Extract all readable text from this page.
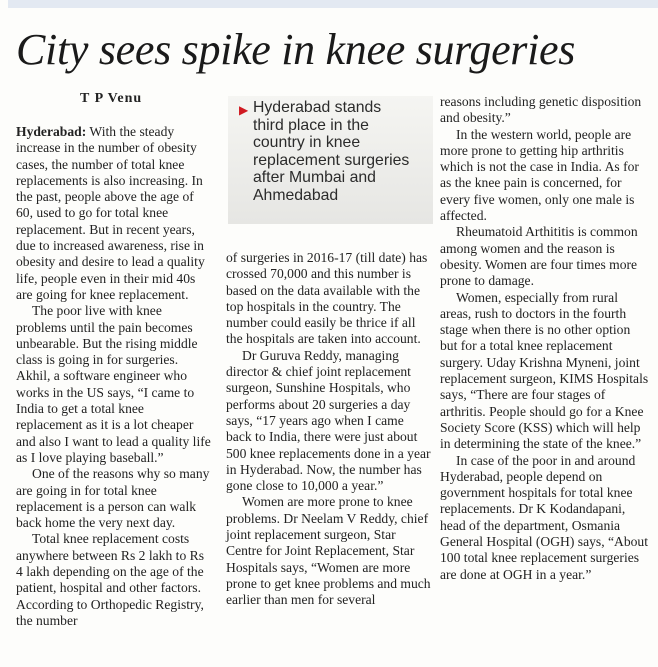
City sees spike in knee surgeries
T P Venu

Hyderabad: With the steady increase in the number of obesity cases, the number of total knee replacements is also increasing. In the past, people above the age of 60, used to go for total knee replacement. But in recent years, due to increased awareness, rise in obesity and desire to lead a quality life, people even in their mid 40s are going for knee replacement.

The poor live with knee problems until the pain becomes unbearable. But the rising middle class is going in for surgeries. Akhil, a software engineer who works in the US says, “I came to India to get a total knee replacement as it is a lot cheaper and also I want to lead a quality life as I love playing baseball.”

One of the reasons why so many are going in for total knee replacement is a person can walk back home the very next day.

Total knee replacement costs anywhere between Rs 2 lakh to Rs 4 lakh depending on the age of the patient, hospital and other factors. According to Orthopedic Registry, the number

▶ Hyderabad stands third place in the country in knee replacement surgeries after Mumbai and Ahmedabad

of surgeries in 2016-17 (till date) has crossed 70,000 and this number is based on the data available with the top hospitals in the country. The number could easily be thrice if all the hospitals are taken into account.

Dr Guruva Reddy, managing director & chief joint replacement surgeon, Sunshine Hospitals, who performs about 20 surgeries a day says, “17 years ago when I came back to India, there were just about 500 knee replacements done in a year in Hyderabad. Now, the number has gone close to 10,000 a year.”

Women are more prone to knee problems. Dr Neelam V Reddy, chief joint replacement surgeon, Star Centre for Joint Replacement, Star Hospitals says, “Women are more prone to get knee problems and much earlier than men for several

reasons including genetic disposition and obesity.”

In the western world, people are more prone to getting hip arthritis which is not the case in India. As for as the knee pain is concerned, for every five women, only one male is affected.

Rheumatoid Arthititis is common among women and the reason is obesity. Women are four times more prone to damage.

Women, especially from rural areas, rush to doctors in the fourth stage when there is no other option but for a total knee replacement surgery. Uday Krishna Myneni, joint replacement surgeon, KIMS Hospitals says, “There are four stages of arthritis. People should go for a Knee Society Score (KSS) which will help in determining the state of the knee.”

In case of the poor in and around Hyderabad, people depend on government hospitals for total knee replacements. Dr K Kodandapani, head of the department, Osmania General Hospital (OGH) says, “About 100 total knee replacement surgeries are done at OGH in a year.”
